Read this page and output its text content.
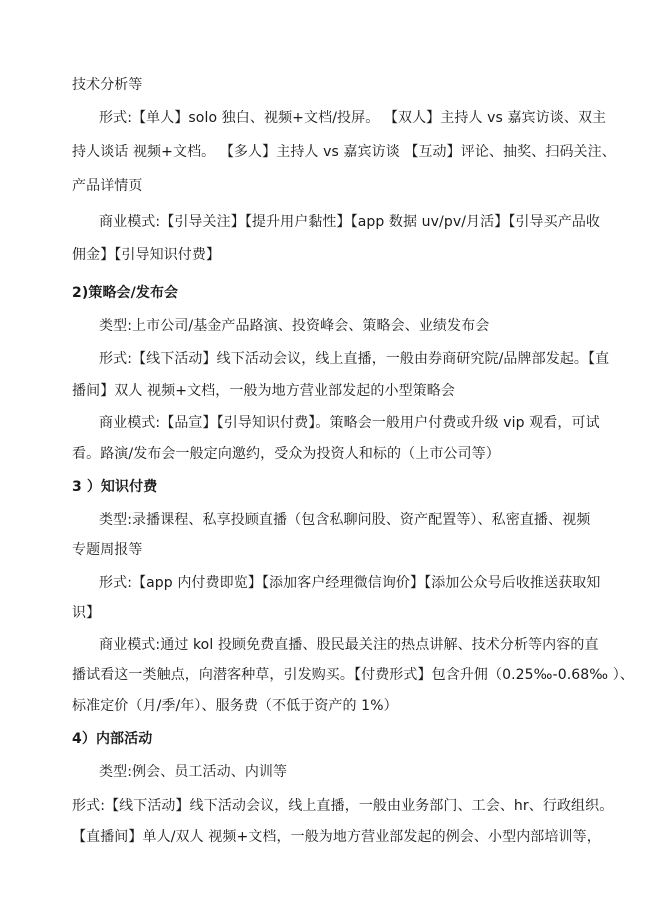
技术分析等
形式:【单人】solo 独白、视频+文档/投屏。 【双人】主持人 vs 嘉宾访谈、双主
持人谈话 视频+文档。 【多人】主持人 vs 嘉宾访谈 【互动】评论、抽奖、扫码关注、
产品详情页
商业模式:【引导关注】【提升用户黏性】【app 数据 uv/pv/月活】【引导买产品收
佣金】【引导知识付费】
2)策略会/发布会
类型:上市公司/基金产品路演、投资峰会、策略会、业绩发布会
形式:【线下活动】线下活动会议，线上直播，一般由券商研究院/品牌部发起。【直
播间】双人 视频+文档，一般为地方营业部发起的小型策略会
商业模式:【品宣】【引导知识付费】。策略会一般用户付费或升级 vip 观看，可试
看。路演/发布会一般定向邀约，受众为投资人和标的（上市公司等）
3 ）知识付费
类型:录播课程、私享投顾直播（包含私聊问股、资产配置等）、私密直播、视频
专题周报等
形式:【app 内付费即览】【添加客户经理微信询价】【添加公众号后收推送获取知
识】
商业模式:通过 kol 投顾免费直播、股民最关注的热点讲解、技术分析等内容的直
播试看这一类触点，向潜客种草，引发购买。【付费形式】包含升佣（0.25‰-0.68‰ ）、
标准定价（月/季/年）、服务费（不低于资产的 1%）
4）内部活动
类型:例会、员工活动、内训等
形式:【线下活动】线下活动会议，线上直播，一般由业务部门、工会、hr、行政组织。
【直播间】单人/双人 视频+文档，一般为地方营业部发起的例会、小型内部培训等，
